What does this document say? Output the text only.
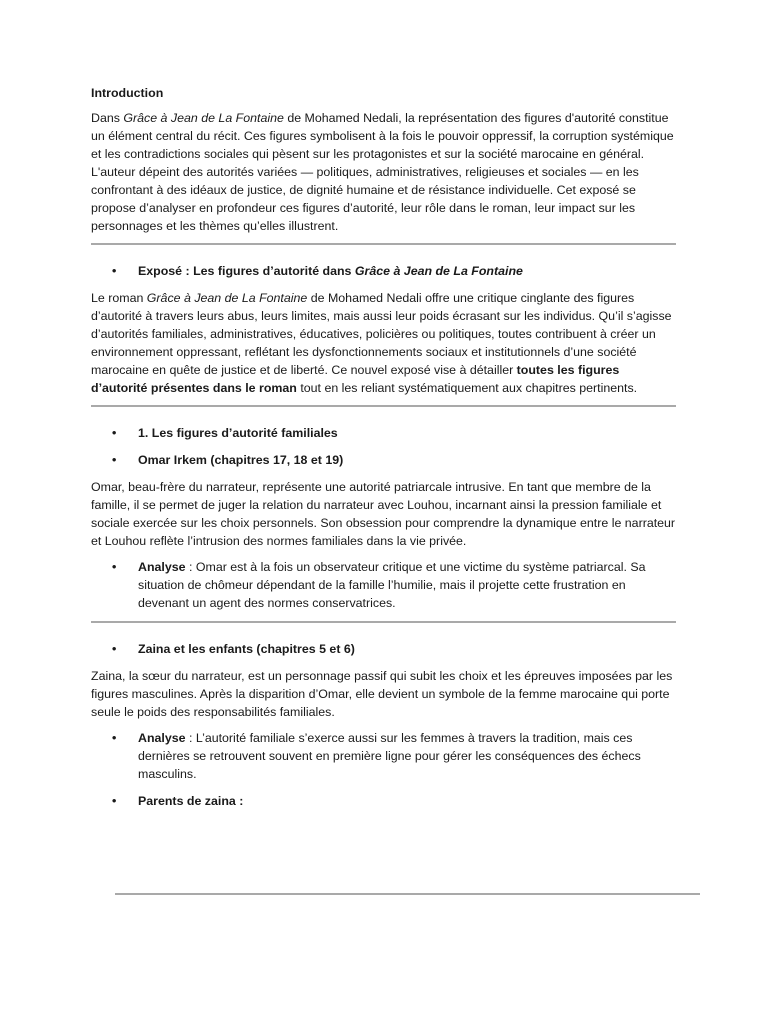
Introduction

Dans Grâce à Jean de La Fontaine de Mohamed Nedali, la représentation des figures d'autorité constitue un élément central du récit. Ces figures symbolisent à la fois le pouvoir oppressif, la corruption systémique et les contradictions sociales qui pèsent sur les protagonistes et sur la société marocaine en général. L'auteur dépeint des autorités variées — politiques, administratives, religieuses et sociales — en les confrontant à des idéaux de justice, de dignité humaine et de résistance individuelle. Cet exposé se propose d’analyser en profondeur ces figures d’autorité, leur rôle dans le roman, leur impact sur les personnages et les thèmes qu’elles illustrent.

• Exposé : Les figures d’autorité dans Grâce à Jean de La Fontaine

Le roman Grâce à Jean de La Fontaine de Mohamed Nedali offre une critique cinglante des figures d’autorité à travers leurs abus, leurs limites, mais aussi leur poids écrasant sur les individus. Qu’il s’agisse d’autorités familiales, administratives, éducatives, policières ou politiques, toutes contribuent à créer un environnement oppressant, reflétant les dysfonctionnements sociaux et institutionnels d’une société marocaine en quête de justice et de liberté. Ce nouvel exposé vise à détailler toutes les figures d’autorité présentes dans le roman tout en les reliant systématiquement aux chapitres pertinents.

• 1. Les figures d’autorité familiales
• Omar Irkem (chapitres 17, 18 et 19)

Omar, beau-frère du narrateur, représente une autorité patriarcale intrusive. En tant que membre de la famille, il se permet de juger la relation du narrateur avec Louhou, incarnant ainsi la pression familiale et sociale exercée sur les choix personnels. Son obsession pour comprendre la dynamique entre le narrateur et Louhou reflète l’intrusion des normes familiales dans la vie privée.

• Analyse : Omar est à la fois un observateur critique et une victime du système patriarcal. Sa situation de chômeur dépendant de la famille l’humilie, mais il projette cette frustration en devenant un agent des normes conservatrices.
• Zaina et les enfants (chapitres 5 et 6)

Zaina, la sœur du narrateur, est un personnage passif qui subit les choix et les épreuves imposées par les figures masculines. Après la disparition d’Omar, elle devient un symbole de la femme marocaine qui porte seule le poids des responsabilités familiales.

• Analyse : L’autorité familiale s’exerce aussi sur les femmes à travers la tradition, mais ces dernières se retrouvent souvent en première ligne pour gérer les conséquences des échecs masculins.
• Parents de zaina :
